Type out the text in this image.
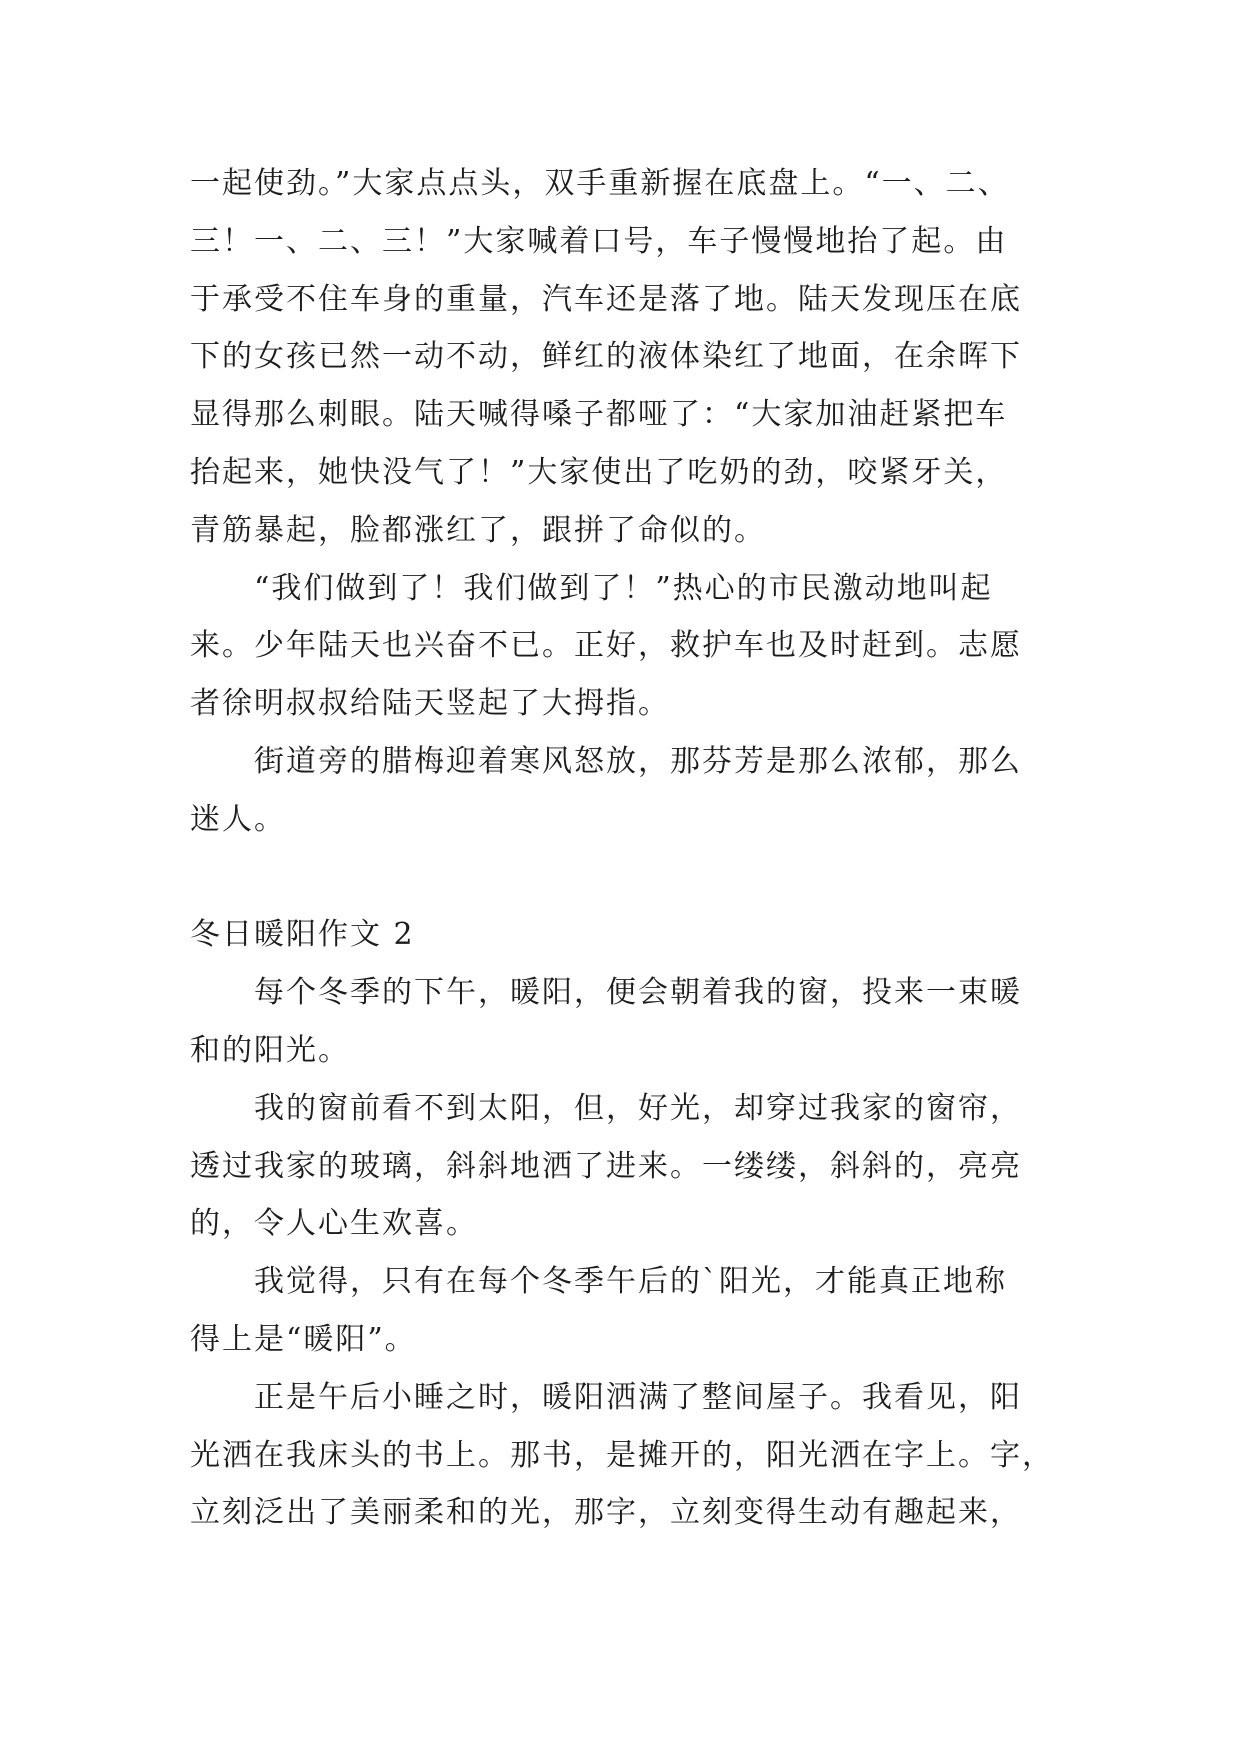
一起使劲。”大家点点头，双手重新握在底盘上。“一、二、
三！一、二、三！”大家喊着口号，车子慢慢地抬了起。由
于承受不住车身的重量，汽车还是落了地。陆天发现压在底
下的女孩已然一动不动，鲜红的液体染红了地面，在余晖下
显得那么刺眼。陆天喊得嗓子都哑了：“大家加油赶紧把车
抬起来，她快没气了！”大家使出了吃奶的劲，咬紧牙关，
青筋暴起，脸都涨红了，跟拼了命似的。
　　“我们做到了！我们做到了！”热心的市民激动地叫起
来。少年陆天也兴奋不已。正好，救护车也及时赶到。志愿
者徐明叔叔给陆天竖起了大拇指。
　　街道旁的腊梅迎着寒风怒放，那芬芳是那么浓郁，那么
迷人。
冬日暖阳作文 2
　　每个冬季的下午，暖阳，便会朝着我的窗，投来一束暖
和的阳光。
　　我的窗前看不到太阳，但，好光，却穿过我家的窗帘，
透过我家的玻璃，斜斜地洒了进来。一缕缕，斜斜的，亮亮
的，令人心生欢喜。
　　我觉得，只有在每个冬季午后的`阳光，才能真正地称
得上是“暖阳”。
　　正是午后小睡之时，暖阳洒满了整间屋子。我看见，阳
光洒在我床头的书上。那书，是摊开的，阳光洒在字上。字，
立刻泛出了美丽柔和的光，那字，立刻变得生动有趣起来，
